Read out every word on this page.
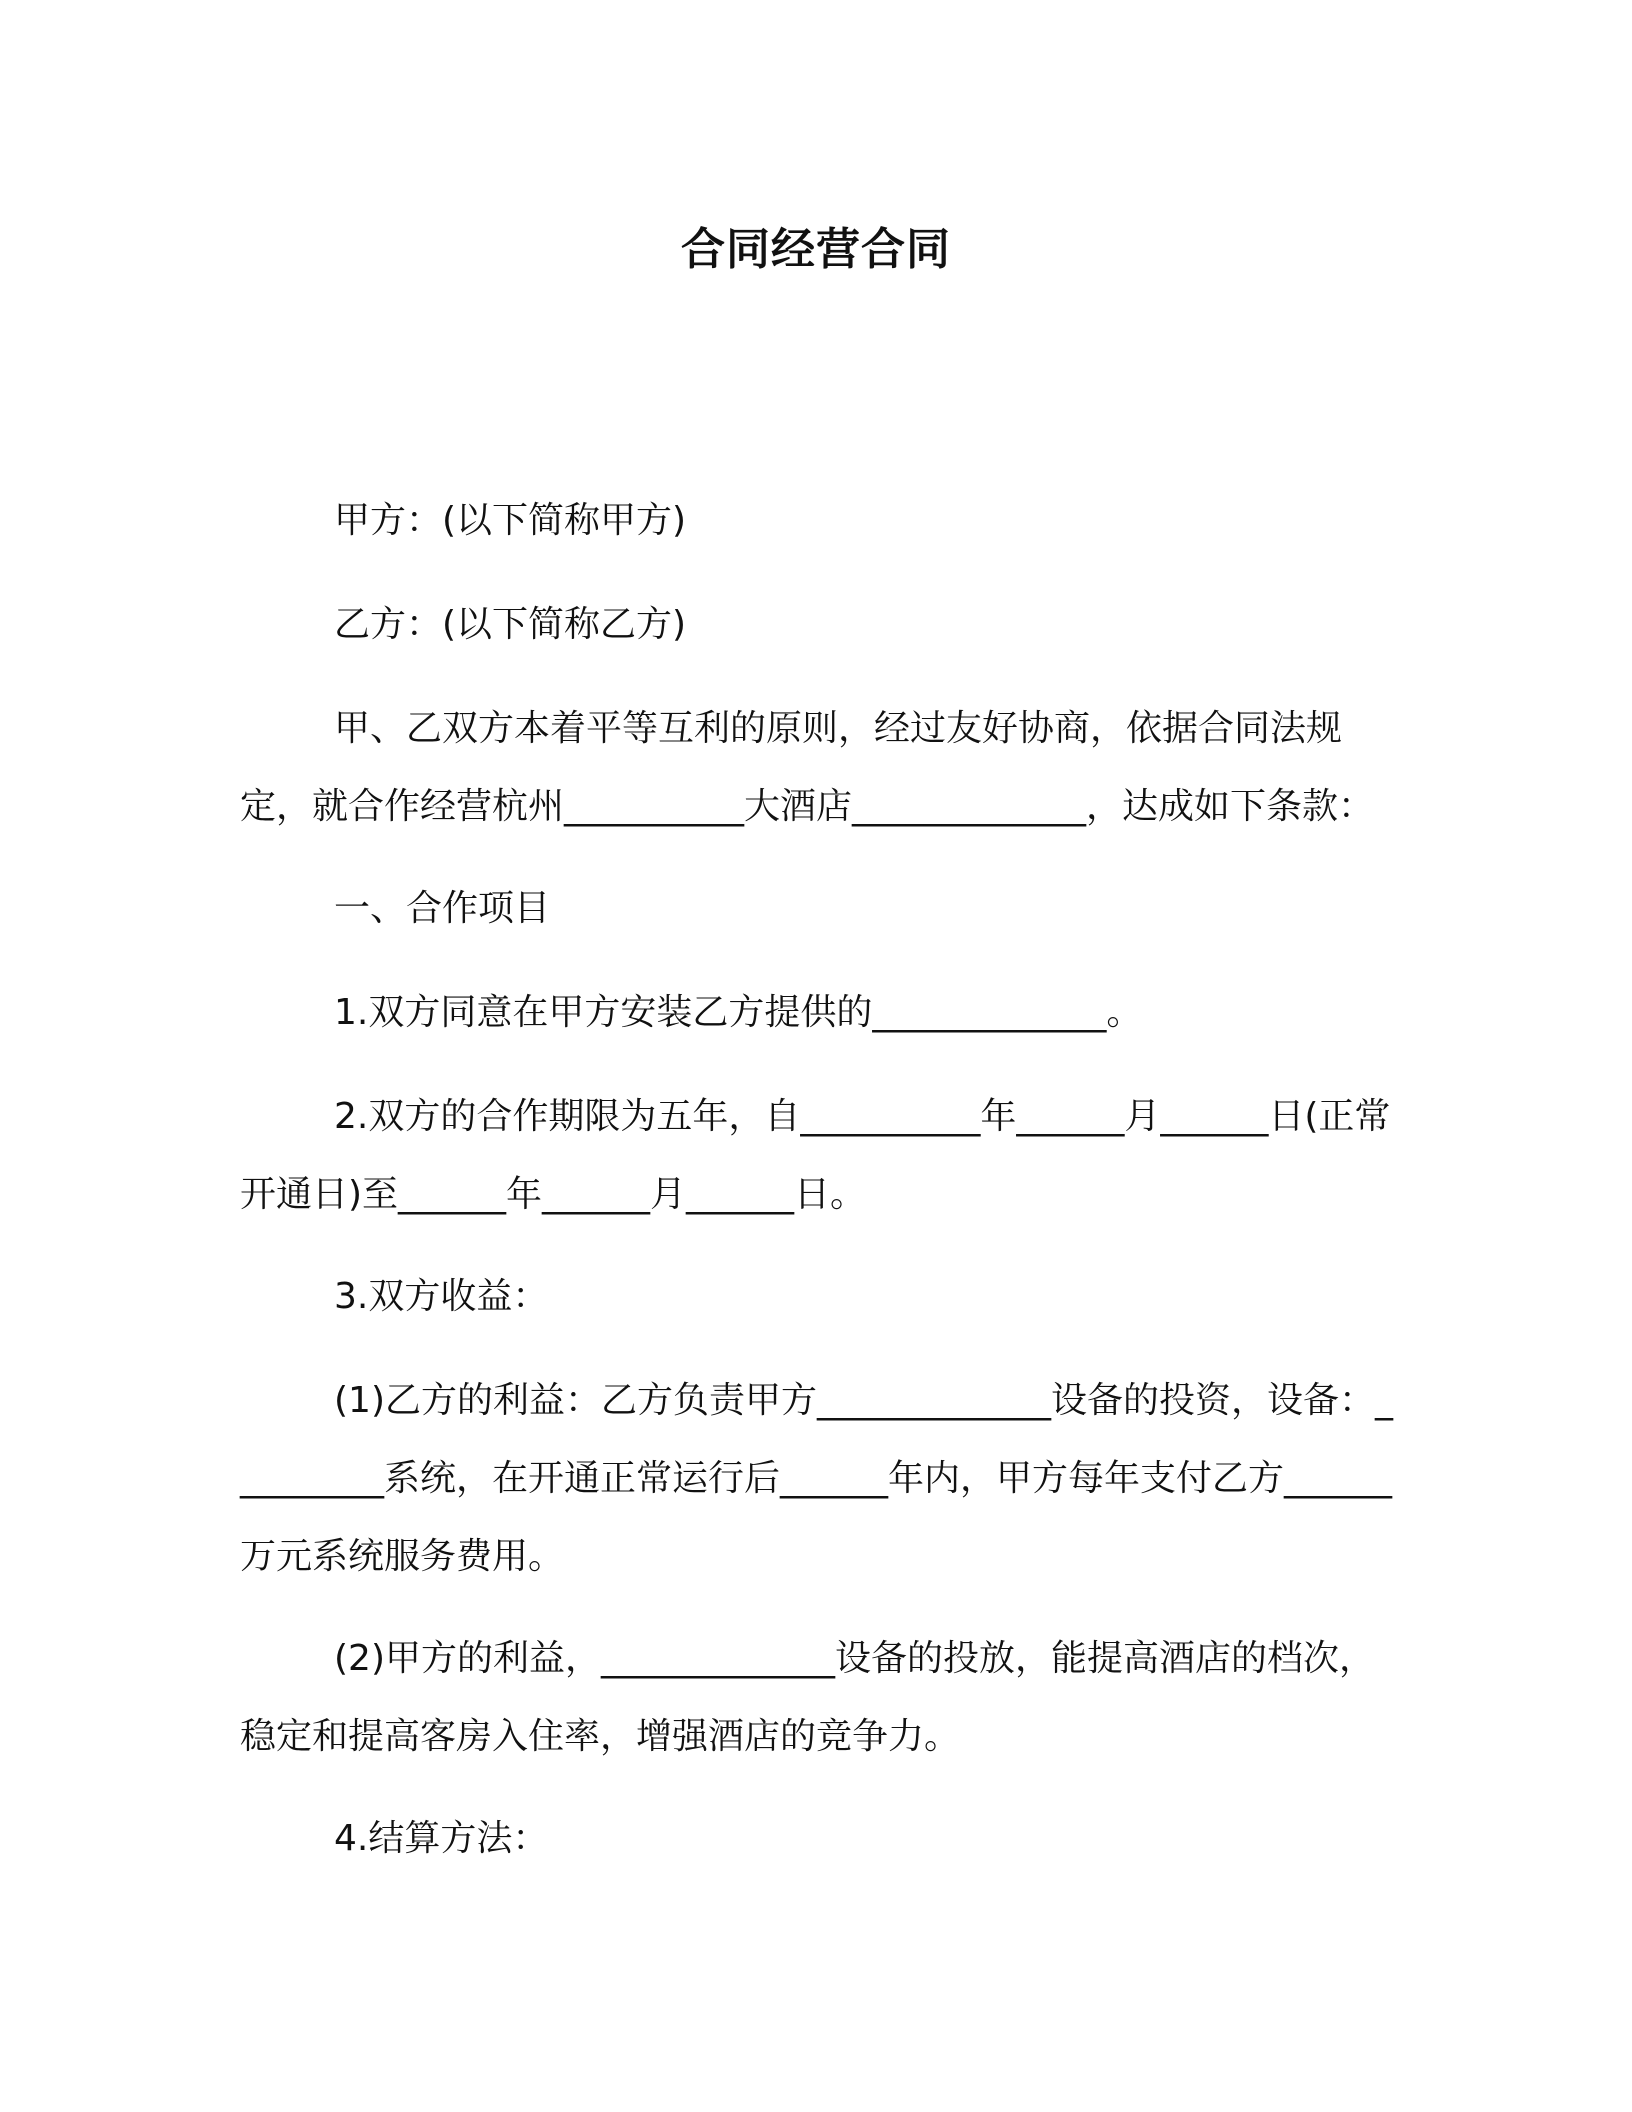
合同经营合同

甲方：(以下简称甲方)

乙方：(以下简称乙方)

甲、乙双方本着平等互利的原则，经过友好协商，依据合同法规定，就合作经营杭州__________大酒店_____________，达成如下条款：

一、合作项目

1.双方同意在甲方安装乙方提供的_____________。

2.双方的合作期限为五年，自__________年______月______日(正常开通日)至______年______月______日。

3.双方收益：

(1)乙方的利益：乙方负责甲方_____________设备的投资，设备：_________系统，在开通正常运行后______年内，甲方每年支付乙方______万元系统服务费用。

(2)甲方的利益，_____________设备的投放，能提高酒店的档次，稳定和提高客房入住率，增强酒店的竞争力。

4.结算方法：
